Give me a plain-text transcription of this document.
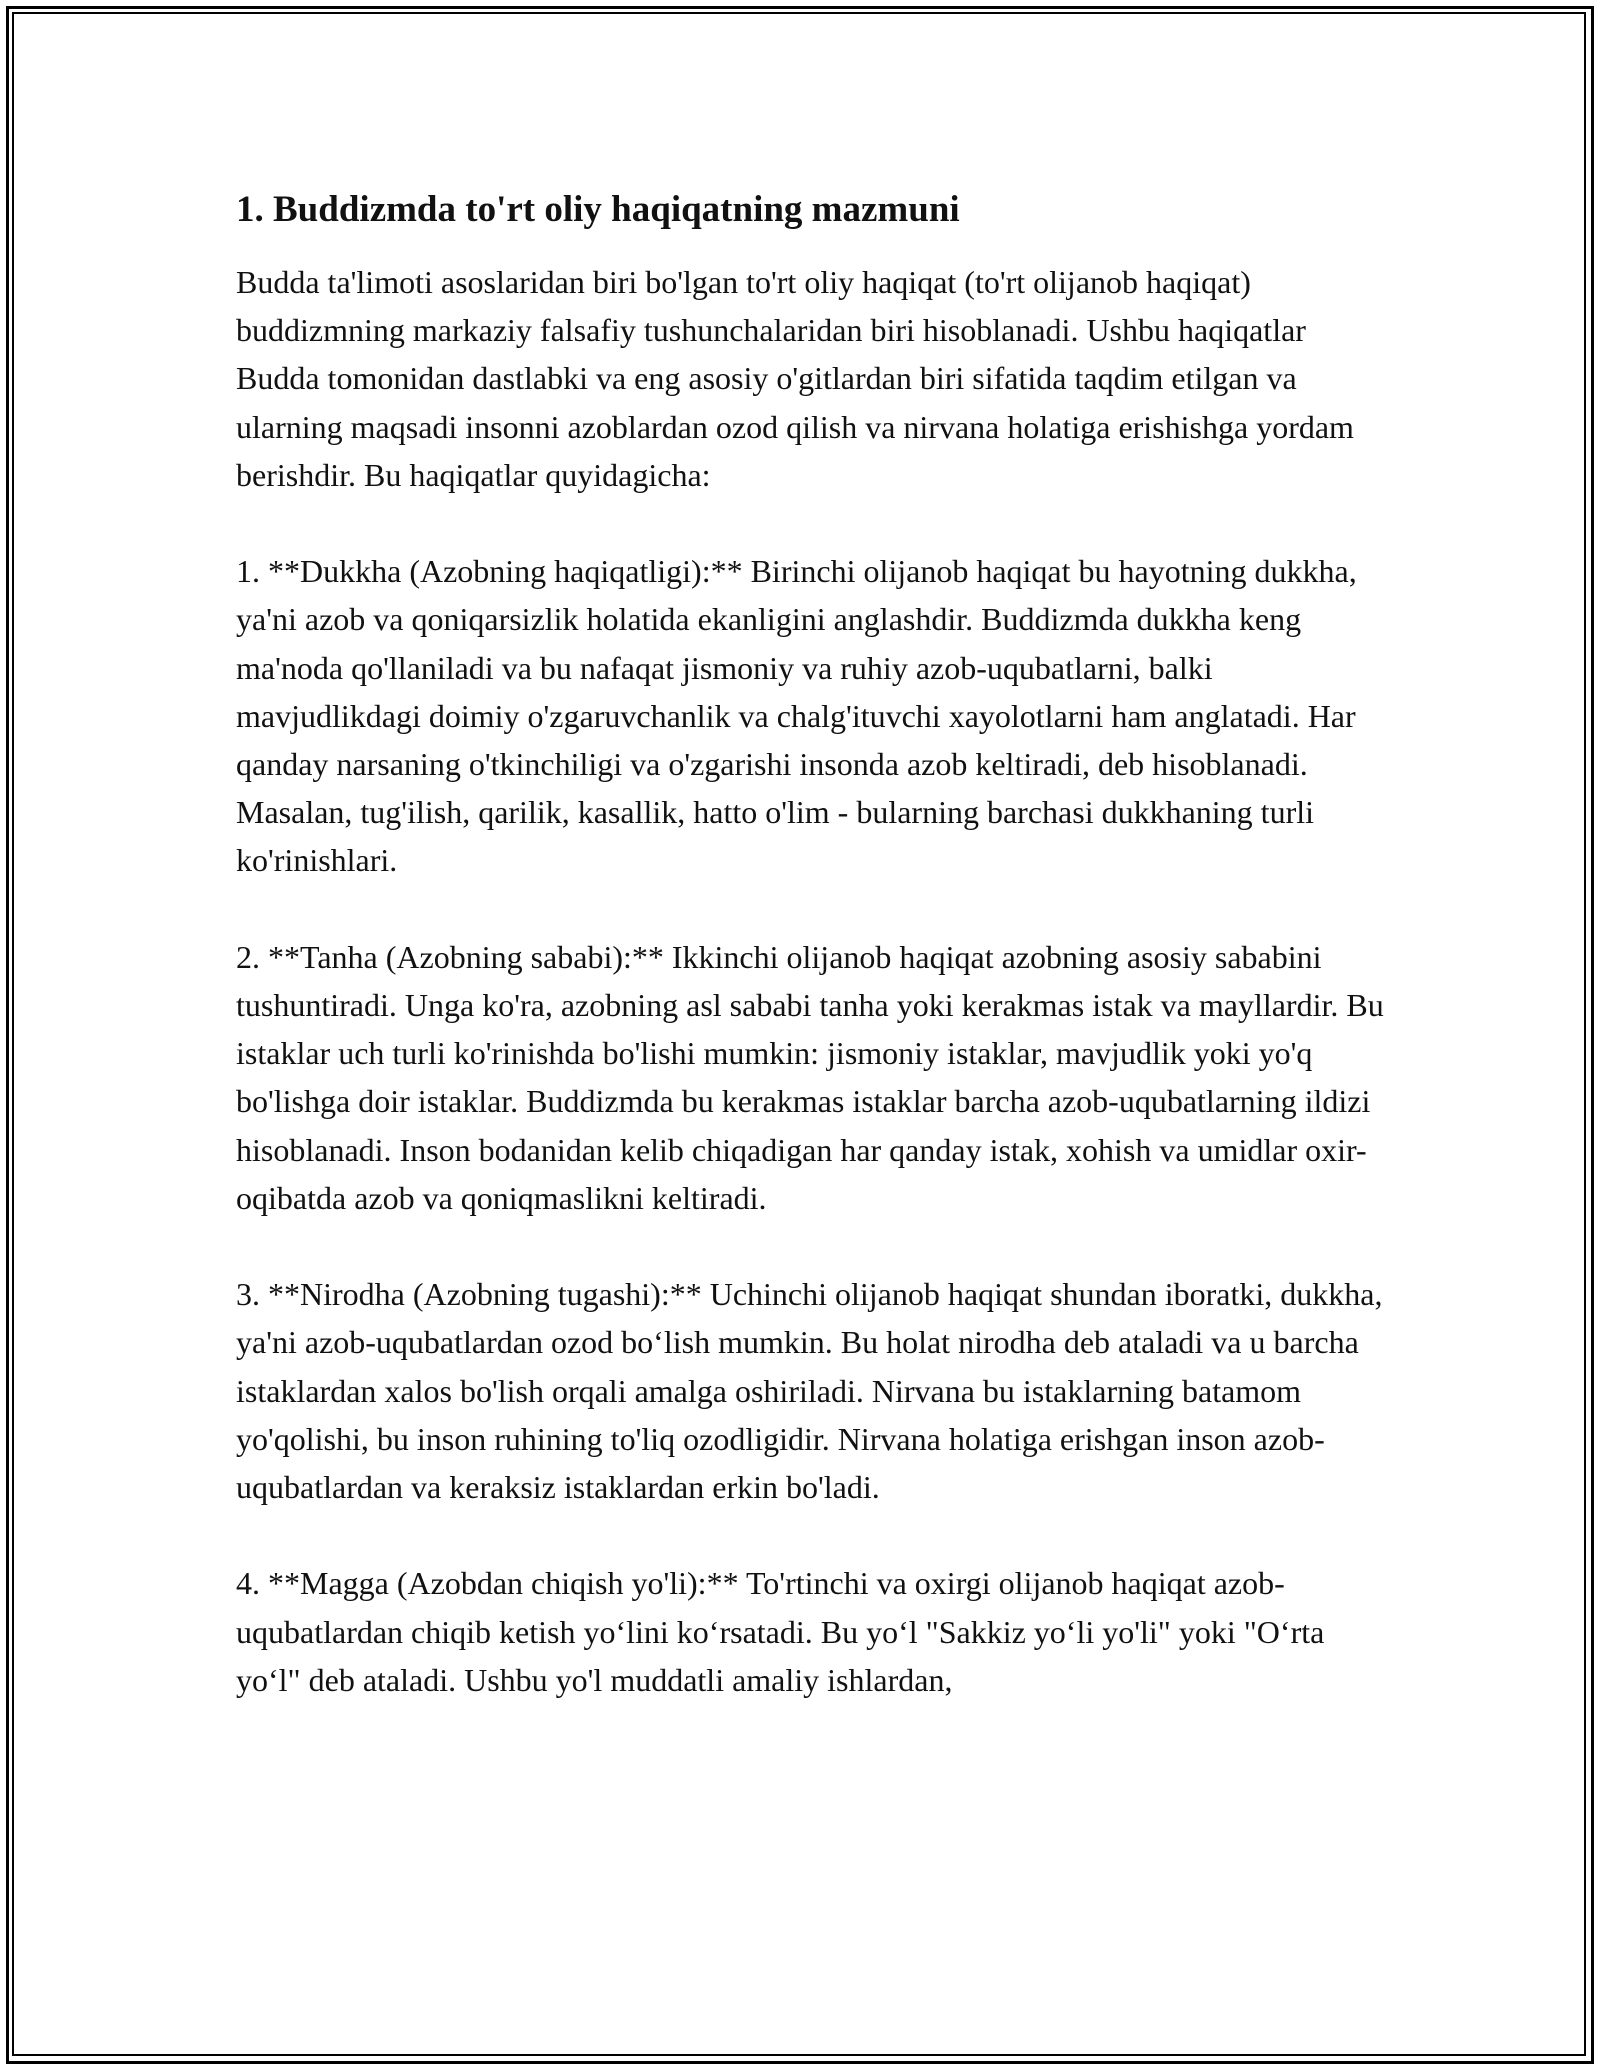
1. Buddizmda to'rt oliy haqiqatning mazmuni

Budda ta'limoti asoslaridan biri bo'lgan to'rt oliy haqiqat (to'rt olijanob haqiqat) buddizmning markaziy falsafiy tushunchalaridan biri hisoblanadi. Ushbu haqiqatlar Budda tomonidan dastlabki va eng asosiy o'gitlardan biri sifatida taqdim etilgan va ularning maqsadi insonni azoblardan ozod qilish va nirvana holatiga erishishga yordam berishdir. Bu haqiqatlar quyidagicha:

1. **Dukkha (Azobning haqiqatligi):** Birinchi olijanob haqiqat bu hayotning dukkha, ya'ni azob va qoniqarsizlik holatida ekanligini anglashdir. Buddizmda dukkha keng ma'noda qo'llaniladi va bu nafaqat jismoniy va ruhiy azob-uqubatlarni, balki mavjudlikdagi doimiy o'zgaruvchanlik va chalg'ituvchi xayolotlarni ham anglatadi. Har qanday narsaning o'tkinchiligi va o'zgarishi insonda azob keltiradi, deb hisoblanadi. Masalan, tug'ilish, qarilik, kasallik, hatto o'lim - bularning barchasi dukkhaning turli ko'rinishlari.

2. **Tanha (Azobning sababi):** Ikkinchi olijanob haqiqat azobning asosiy sababini tushuntiradi. Unga ko'ra, azobning asl sababi tanha yoki kerakmas istak va mayllardir. Bu istaklar uch turli ko'rinishda bo'lishi mumkin: jismoniy istaklar, mavjudlik yoki yo'q bo'lishga doir istaklar. Buddizmda bu kerakmas istaklar barcha azob-uqubatlarning ildizi hisoblanadi. Inson bodanidan kelib chiqadigan har qanday istak, xohish va umidlar oxir-oqibatda azob va qoniqmaslikni keltiradi.

3. **Nirodha (Azobning tugashi):** Uchinchi olijanob haqiqat shundan iboratki, dukkha, ya'ni azob-uqubatlardan ozod bo‘lish mumkin. Bu holat nirodha deb ataladi va u barcha istaklardan xalos bo'lish orqali amalga oshiriladi. Nirvana bu istaklarning batamom yo'qolishi, bu inson ruhining to'liq ozodligidir. Nirvana holatiga erishgan inson azob-uqubatlardan va keraksiz istaklardan erkin bo'ladi.

4. **Magga (Azobdan chiqish yo'li):** To'rtinchi va oxirgi olijanob haqiqat azob-uqubatlardan chiqib ketish yo‘lini ko‘rsatadi. Bu yo‘l "Sakkiz yo‘li yo'li" yoki "O‘rta yo‘l" deb ataladi. Ushbu yo'l muddatli amaliy ishlardan,
